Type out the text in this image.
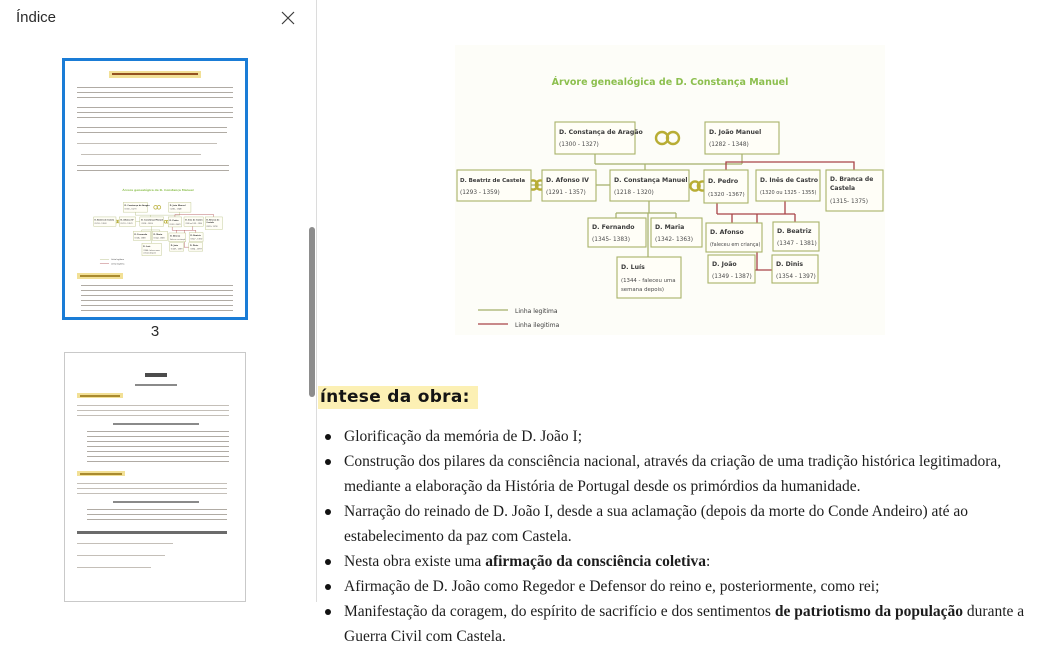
Índice
3
Árvore genealógica de D. Constança Manuel
D. Constança de Aragão
(1300 - 1327)
D. João Manuel
(1282 - 1348)
D. Beatriz de Castela
(1293 - 1359)
D. Afonso IV
(1291 - 1357)
D. Constança Manuel
(1218 - 1320)
D. Pedro
(1320 -1367)
D. Inês de Castro
(1320 ou 1325 - 1355)
D. Branca de
Castela
(1315- 1375)
D. Fernando
(1345- 1383)
D. Maria
(1342- 1363)
D. Afonso
(faleceu em criança)
D. Beatriz
(1347 - 1381)
D. Luís
(1344 - faleceu uma
semana depois)
D. João
(1349 - 1387)
D. Dinis
(1354 - 1397)
Linha legitima
Linha ilegitima
íntese da obra:
Glorificação da memória de D. João I;
Construção dos pilares da consciência nacional, através da criação de uma tradição histórica legitimadora, mediante a elaboração da História de Portugal desde os primórdios da humanidade.
Narração do reinado de D. João I, desde a sua aclamação (depois da morte do Conde Andeiro) até ao estabelecimento da paz com Castela.
Nesta obra existe uma afirmação da consciência coletiva:
Afirmação de D. João como Regedor e Defensor do reino e, posteriormente, como rei;
Manifestação da coragem, do espírito de sacrifício e dos sentimentos de patriotismo da população durante a Guerra Civil com Castela.
